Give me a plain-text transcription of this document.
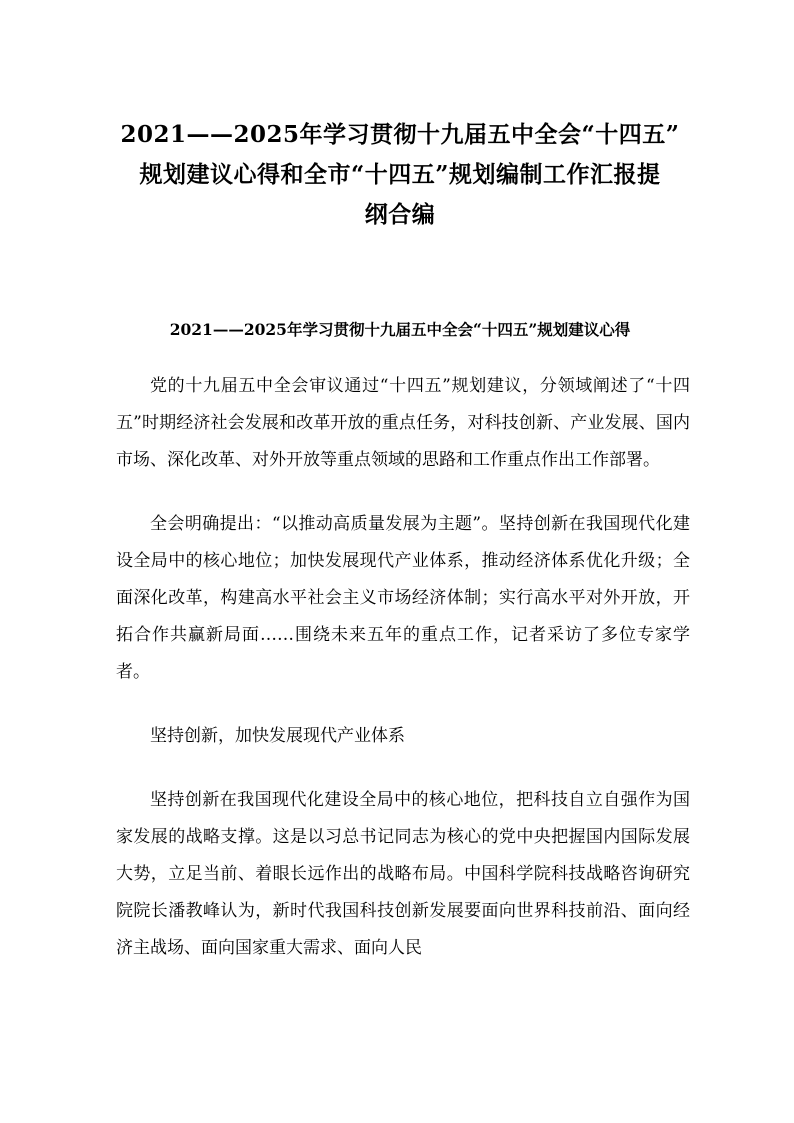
2021——2025年学习贯彻十九届五中全会“十四五”
规划建议心得和全市“十四五”规划编制工作汇报提
纲合编
2021——2025年学习贯彻十九届五中全会“十四五”规划建议心得

党的十九届五中全会审议通过“十四五”规划建议，分领域阐述了“十四五”时期经济社会发展和改革开放的重点任务，对科技创新、产业发展、国内市场、深化改革、对外开放等重点领域的思路和工作重点作出工作部署。

全会明确提出：“以推动高质量发展为主题”。坚持创新在我国现代化建设全局中的核心地位；加快发展现代产业体系，推动经济体系优化升级；全面深化改革，构建高水平社会主义市场经济体制；实行高水平对外开放，开拓合作共赢新局面……围绕未来五年的重点工作，记者采访了多位专家学者。

坚持创新，加快发展现代产业体系

坚持创新在我国现代化建设全局中的核心地位，把科技自立自强作为国家发展的战略支撑。这是以习总书记同志为核心的党中央把握国内国际发展大势，立足当前、着眼长远作出的战略布局。中国科学院科技战略咨询研究院院长潘教峰认为，新时代我国科技创新发展要面向世界科技前沿、面向经济主战场、面向国家重大需求、面向人民
